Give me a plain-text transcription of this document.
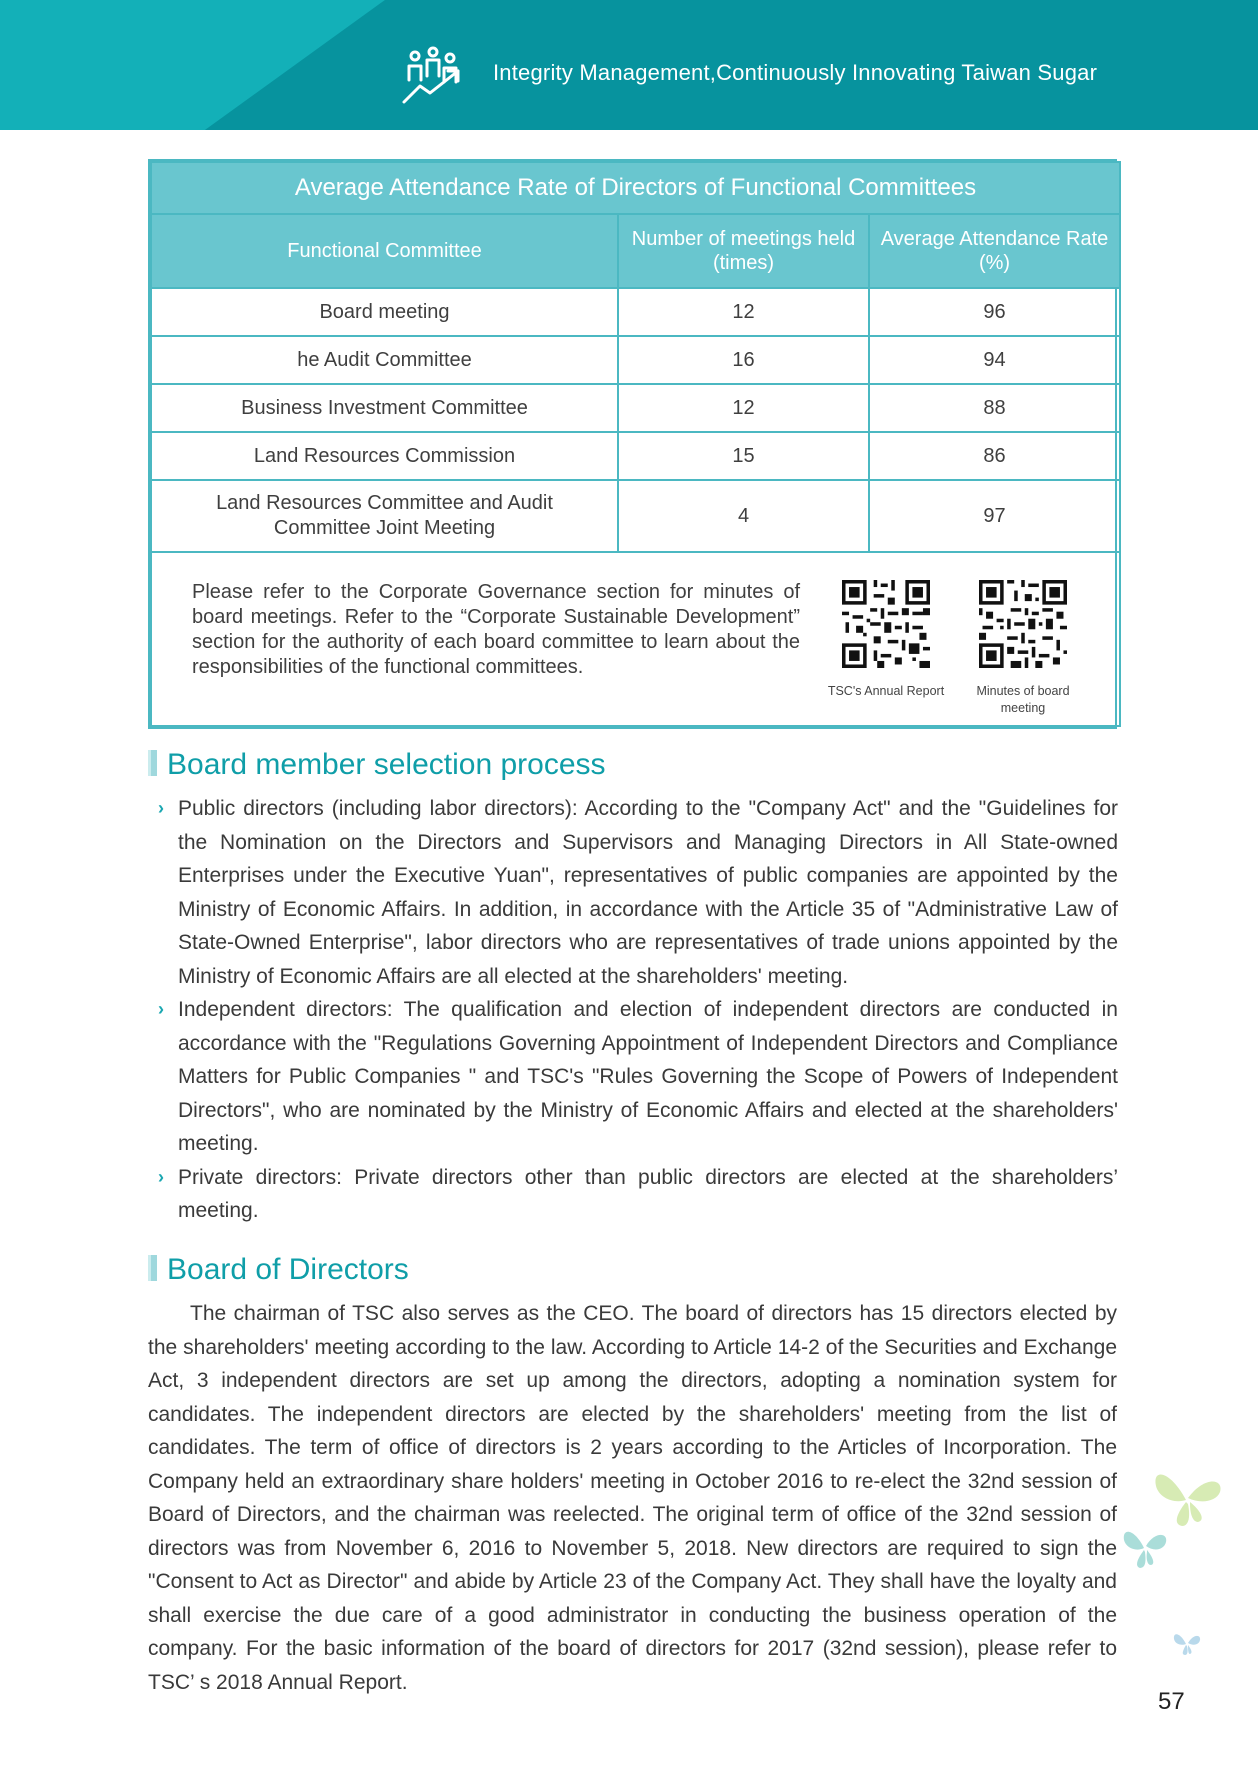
Integrity Management,Continuously Innovating Taiwan Sugar
Average Attendance Rate of Directors of Functional Committees		
Functional Committee	Number of meetings held (times)	Average Attendance Rate (%)
Board meeting	12	96
he Audit Committee	16	94
Business Investment Committee	12	88
Land Resources Commission	15	86
Land Resources Committee and Audit Committee Joint Meeting	4	97

Please refer to the Corporate Governance section for minutes of board meetings. Refer to the “Corporate Sustainable Development” section for the authority of each board committee to learn about the responsibilities of the functional committees.
TSC's Annual Report Minutes of board meeting		
Board member selection process
› Public directors (including labor directors): According to the "Company Act" and the "Guidelines for the Nomination on the Directors and Supervisors and Managing Directors in All State-owned Enterprises under the Executive Yuan", representatives of public companies are appointed by the Ministry of Economic Affairs. In addition, in accordance with the Article 35 of "Administrative Law of State-Owned Enterprise", labor directors who are representatives of trade unions appointed by the Ministry of Economic Affairs are all elected at the shareholders' meeting.
› Independent directors: The qualification and election of independent directors are conducted in accordance with the "Regulations Governing Appointment of Independent Directors and Compliance Matters for Public Companies " and TSC's "Rules Governing the Scope of Powers of Independent Directors", who are nominated by the Ministry of Economic Affairs and elected at the shareholders' meeting.
› Private directors: Private directors other than public directors are elected at the shareholders’ meeting.
Board of Directors
The chairman of TSC also serves as the CEO. The board of directors has 15 directors elected by the shareholders' meeting according to the law. According to Article 14-2 of the Securities and Exchange Act, 3 independent directors are set up among the directors, adopting a nomination system for candidates. The independent directors are elected by the shareholders' meeting from the list of candidates. The term of office of directors is 2 years according to the Articles of Incorporation. The Company held an extraordinary share holders' meeting in October 2016 to re-elect the 32nd session of Board of Directors, and the chairman was reelected. The original term of office of the 32nd session of directors was from November 6, 2016 to November 5, 2018. New directors are required to sign the "Consent to Act as Director" and abide by Article 23 of the Company Act. They shall have the loyalty and shall exercise the due care of a good administrator in conducting the business operation of the company. For the basic information of the board of directors for 2017 (32nd session), please refer to TSC’ s 2018 Annual Report.
57
